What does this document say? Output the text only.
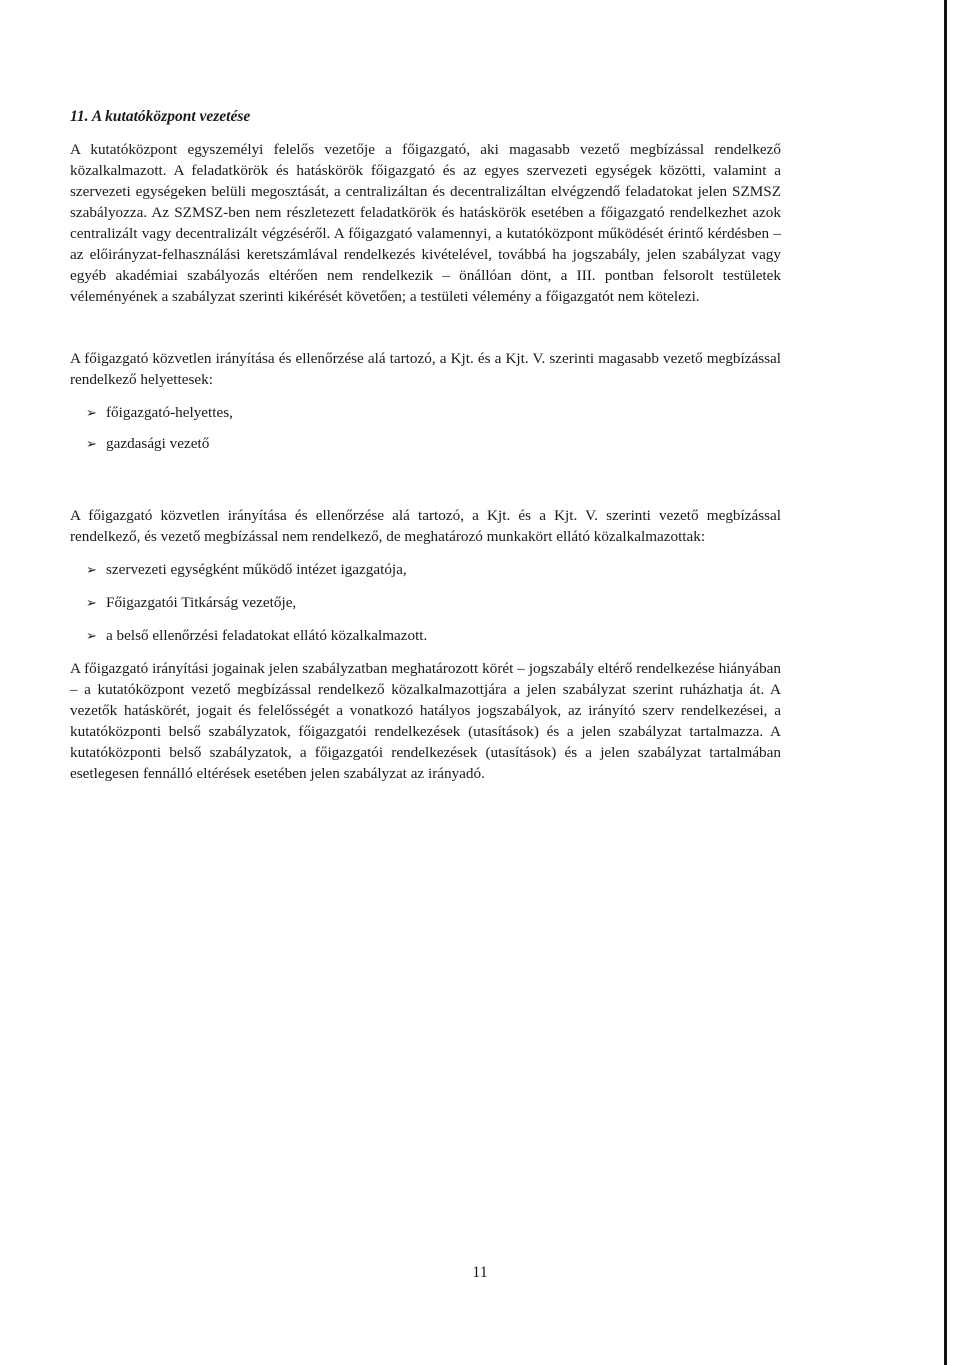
11. A kutatóközpont vezetése

A kutatóközpont egyszemélyi felelős vezetője a főigazgató, aki magasabb vezető megbízással rendelkező közalkalmazott. A feladatkörök és hatáskörök főigazgató és az egyes szervezeti egységek közötti, valamint a szervezeti egységeken belüli megosztását, a centralizáltan és decentralizáltan elvégzendő feladatokat jelen SZMSZ szabályozza. Az SZMSZ-ben nem részletezett feladatkörök és hatáskörök esetében a főigazgató rendelkezhet azok centralizált vagy decentralizált végzéséről. A főigazgató valamennyi, a kutatóközpont működését érintő kérdésben – az előirányzat-felhasználási keretszámlával rendelkezés kivételével, továbbá ha jogszabály, jelen szabályzat vagy egyéb akadémiai szabályozás eltérően nem rendelkezik – önállóan dönt, a III. pontban felsorolt testületek véleményének a szabályzat szerinti kikérését követően; a testületi vélemény a főigazgatót nem kötelezi.

A főigazgató közvetlen irányítása és ellenőrzése alá tartozó, a Kjt. és a Kjt. V. szerinti magasabb vezető megbízással rendelkező helyettesek:

➢ főigazgató-helyettes,
➢ gazdasági vezető

A főigazgató közvetlen irányítása és ellenőrzése alá tartozó, a Kjt. és a Kjt. V. szerinti vezető megbízással rendelkező, és vezető megbízással nem rendelkező, de meghatározó munkakört ellátó közalkalmazottak:

➢ szervezeti egységként működő intézet igazgatója,
➢ Főigazgatói Titkárság vezetője,
➢ a belső ellenőrzési feladatokat ellátó közalkalmazott.

A főigazgató irányítási jogainak jelen szabályzatban meghatározott körét – jogszabály eltérő rendelkezése hiányában – a kutatóközpont vezető megbízással rendelkező közalkalmazottjára a jelen szabályzat szerint ruházhatja át. A vezetők hatáskörét, jogait és felelősségét a vonatkozó hatályos jogszabályok, az irányító szerv rendelkezései, a kutatóközponti belső szabályzatok, főigazgatói rendelkezések (utasítások) és a jelen szabályzat tartalmazza. A kutatóközponti belső szabályzatok, a főigazgatói rendelkezések (utasítások) és a jelen szabályzat tartalmában esetlegesen fennálló eltérések esetében jelen szabályzat az irányadó.

11
